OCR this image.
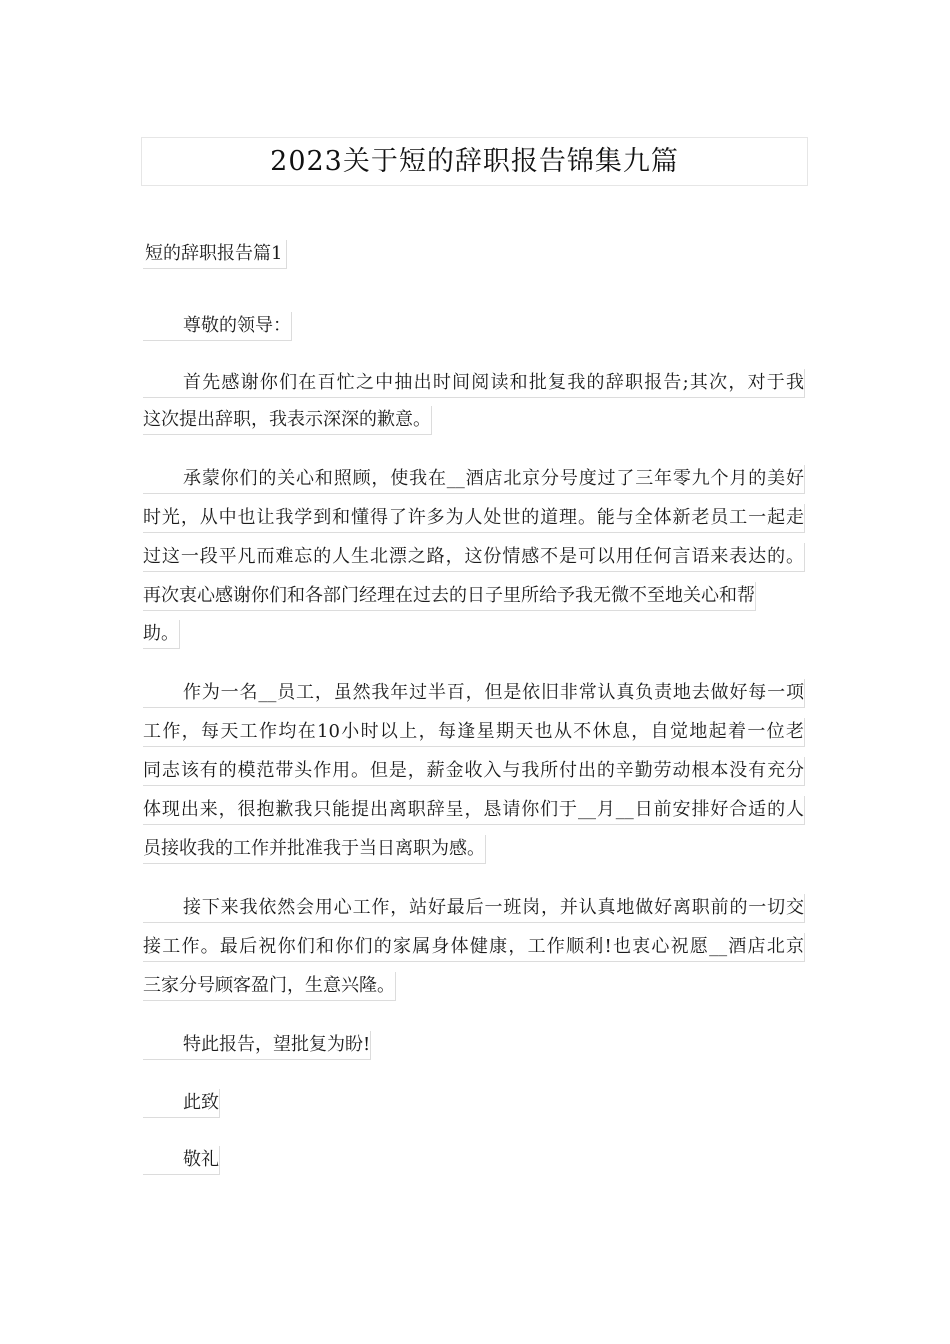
2023关于短的辞职报告锦集九篇
短的辞职报告篇1
尊敬的领导：
首先感谢你们在百忙之中抽出时间阅读和批复我的辞职报告;其次，对于我
这次提出辞职，我表示深深的歉意。
承蒙你们的关心和照顾，使我在__酒店北京分号度过了三年零九个月的美好
时光，从中也让我学到和懂得了许多为人处世的道理。能与全体新老员工一起走
过这一段平凡而难忘的人生北漂之路，这份情感不是可以用任何言语来表达的。
再次衷心感谢你们和各部门经理在过去的日子里所给予我无微不至地关心和帮
助。
作为一名__员工，虽然我年过半百，但是依旧非常认真负责地去做好每一项
工作，每天工作均在10小时以上，每逢星期天也从不休息，自觉地起着一位老
同志该有的模范带头作用。但是，薪金收入与我所付出的辛勤劳动根本没有充分
体现出来，很抱歉我只能提出离职辞呈，恳请你们于__月__日前安排好合适的人
员接收我的工作并批准我于当日离职为感。
接下来我依然会用心工作，站好最后一班岗，并认真地做好离职前的一切交
接工作。最后祝你们和你们的家属身体健康，工作顺利!也衷心祝愿__酒店北京
三家分号顾客盈门，生意兴隆。
特此报告，望批复为盼!
此致
敬礼
